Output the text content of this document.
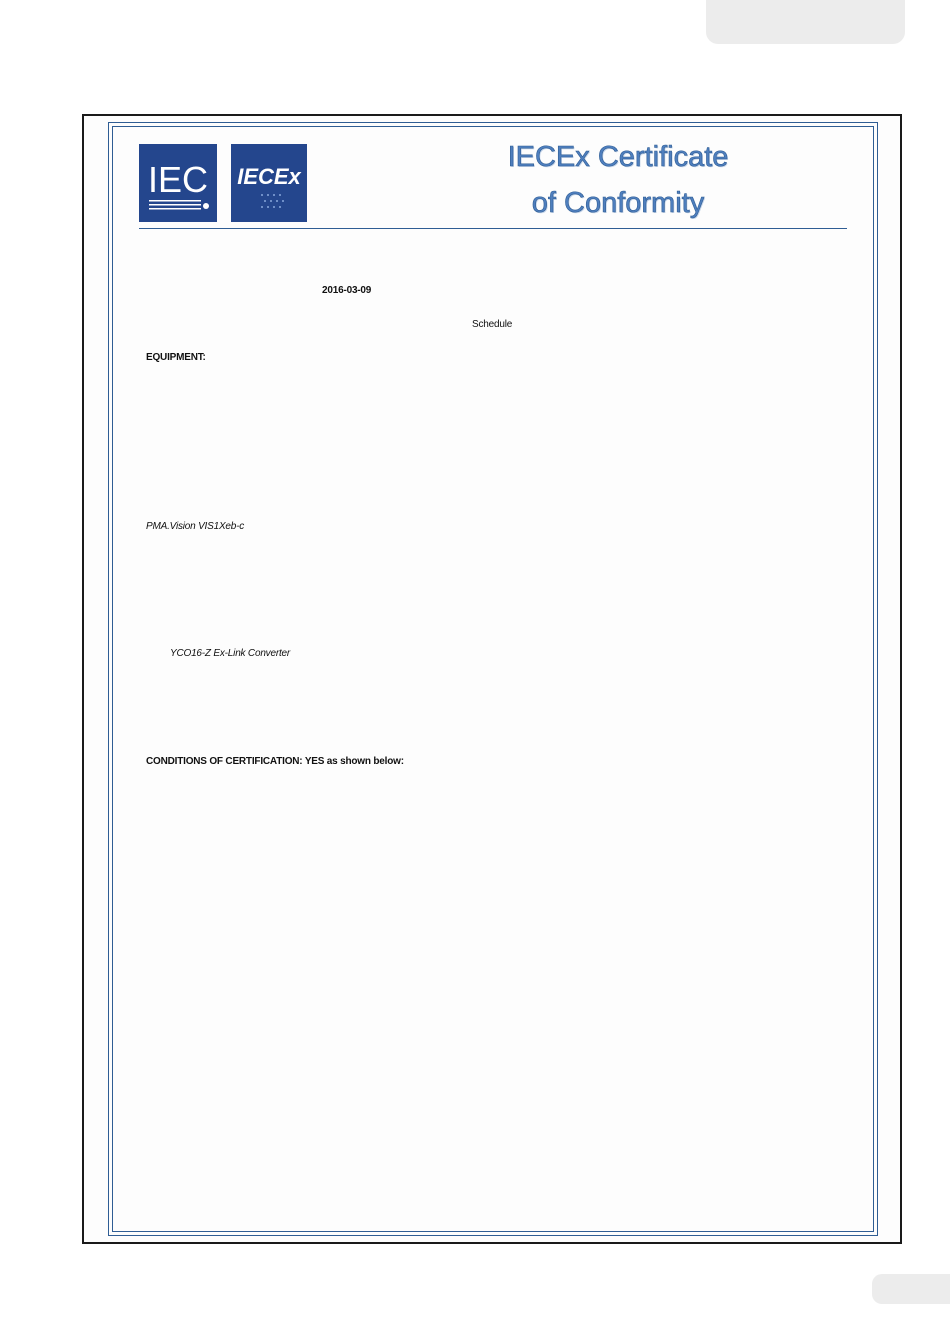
IEC IECEx
IECEx Certificate
of Conformity
2016-03-09
Schedule
EQUIPMENT:
PMA.Vision VIS1Xeb-c
YCO16-Z Ex-Link Converter
CONDITIONS OF CERTIFICATION: YES as shown below:
